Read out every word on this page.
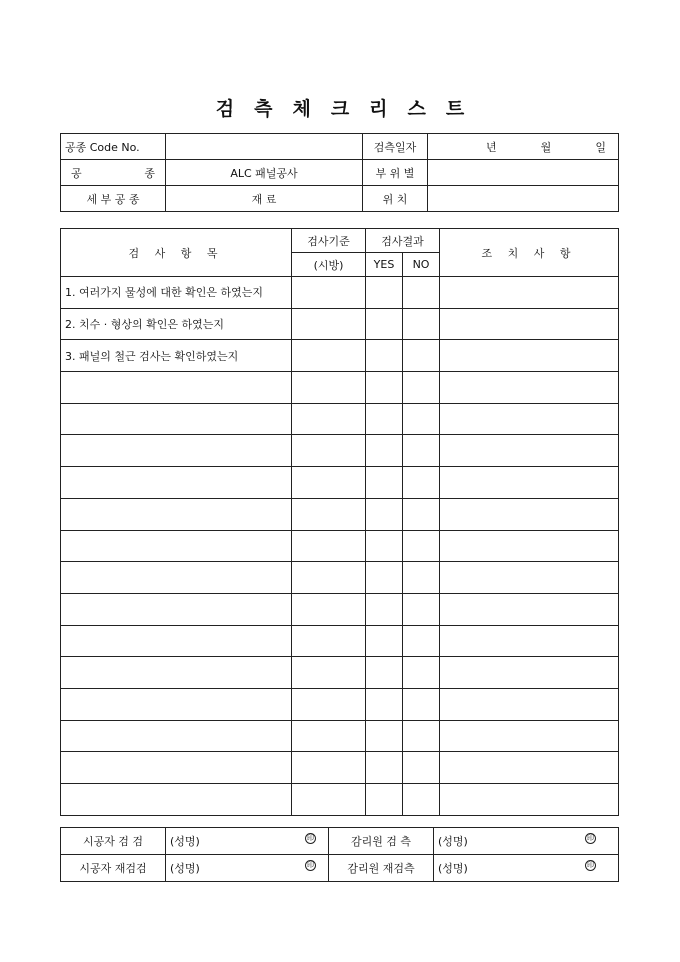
검 측 체 크 리 스 트
공종 Code No.		검측일자	년 월 일

공 종	ALC 패널공사	부 위 별	
세 부 공 종	재 료	위 치	
검 사 항 목	검사기준	검사결과		조 치 사 항
	(시방)	YES	NO	
1. 여러가지 물성에 대한 확인은 하였는지				
2. 치수 · 형상의 확인은 하였는지				
3. 패널의 철근 검사는 확인하였는지				

시공자 검 검	(성명) 印	감리원 검 측	(성명) 印

시공자 재검검	(성명) 印	감리원 재검측	(성명) 印
